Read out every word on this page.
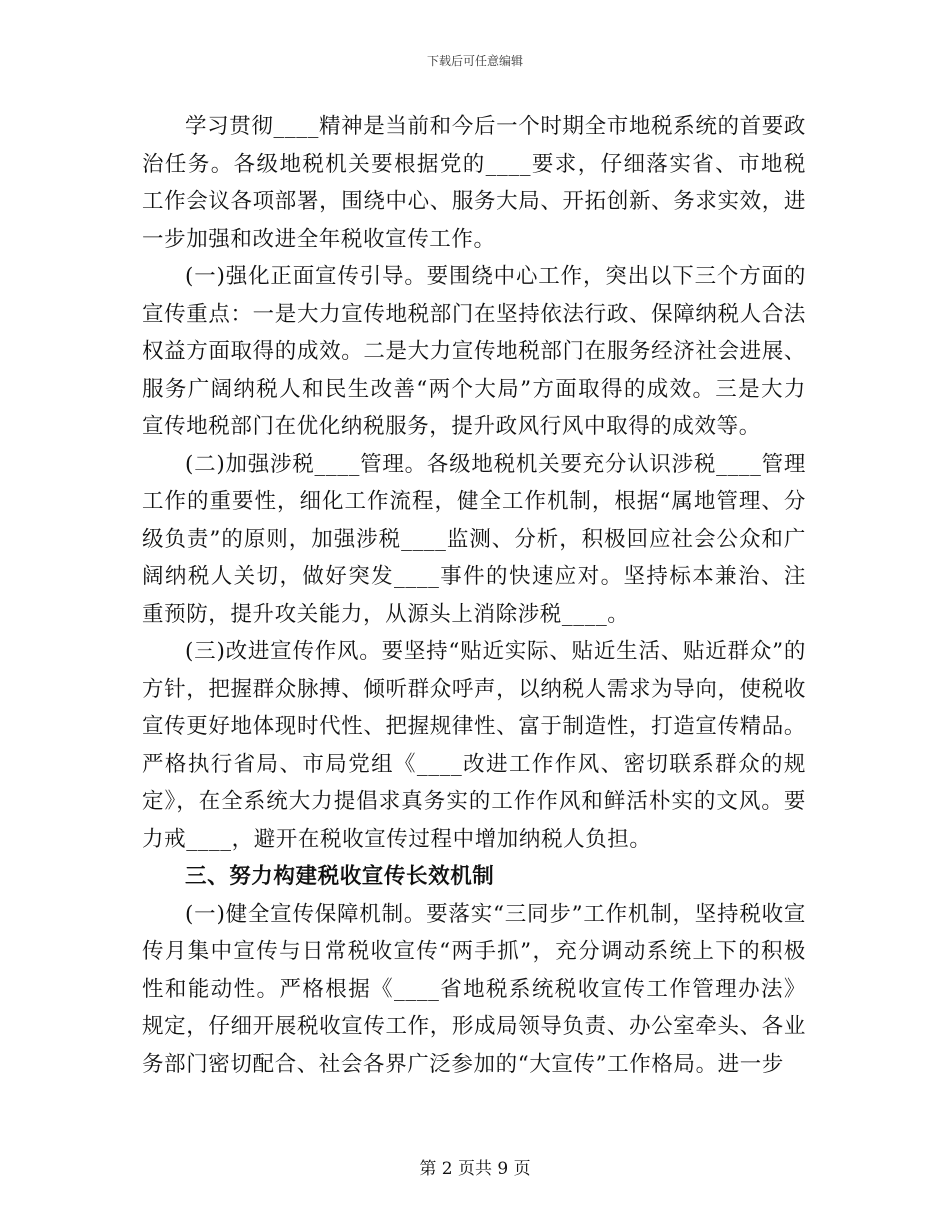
下载后可任意编辑

学习贯彻____精神是当前和今后一个时期全市地税系统的首要政治任务。各级地税机关要根据党的____要求，仔细落实省、市地税工作会议各项部署，围绕中心、服务大局、开拓创新、务求实效，进一步加强和改进全年税收宣传工作。

(一)强化正面宣传引导。要围绕中心工作，突出以下三个方面的宣传重点：一是大力宣传地税部门在坚持依法行政、保障纳税人合法权益方面取得的成效。二是大力宣传地税部门在服务经济社会进展、服务广阔纳税人和民生改善“两个大局”方面取得的成效。三是大力宣传地税部门在优化纳税服务，提升政风行风中取得的成效等。

(二)加强涉税____管理。各级地税机关要充分认识涉税____管理工作的重要性，细化工作流程，健全工作机制，根据“属地管理、分级负责”的原则，加强涉税____监测、分析，积极回应社会公众和广阔纳税人关切，做好突发____事件的快速应对。坚持标本兼治、注重预防，提升攻关能力，从源头上消除涉税____。

(三)改进宣传作风。要坚持“贴近实际、贴近生活、贴近群众”的方针，把握群众脉搏、倾听群众呼声，以纳税人需求为导向，使税收宣传更好地体现时代性、把握规律性、富于制造性，打造宣传精品。严格执行省局、市局党组《____改进工作作风、密切联系群众的规定》，在全系统大力提倡求真务实的工作作风和鲜活朴实的文风。要力戒____，避开在税收宣传过程中增加纳税人负担。

三、努力构建税收宣传长效机制

(一)健全宣传保障机制。要落实“三同步”工作机制，坚持税收宣传月集中宣传与日常税收宣传“两手抓”，充分调动系统上下的积极性和能动性。严格根据《____省地税系统税收宣传工作管理办法》规定，仔细开展税收宣传工作，形成局领导负责、办公室牵头、各业务部门密切配合、社会各界广泛参加的“大宣传”工作格局。进一步

第 2 页共 9 页
